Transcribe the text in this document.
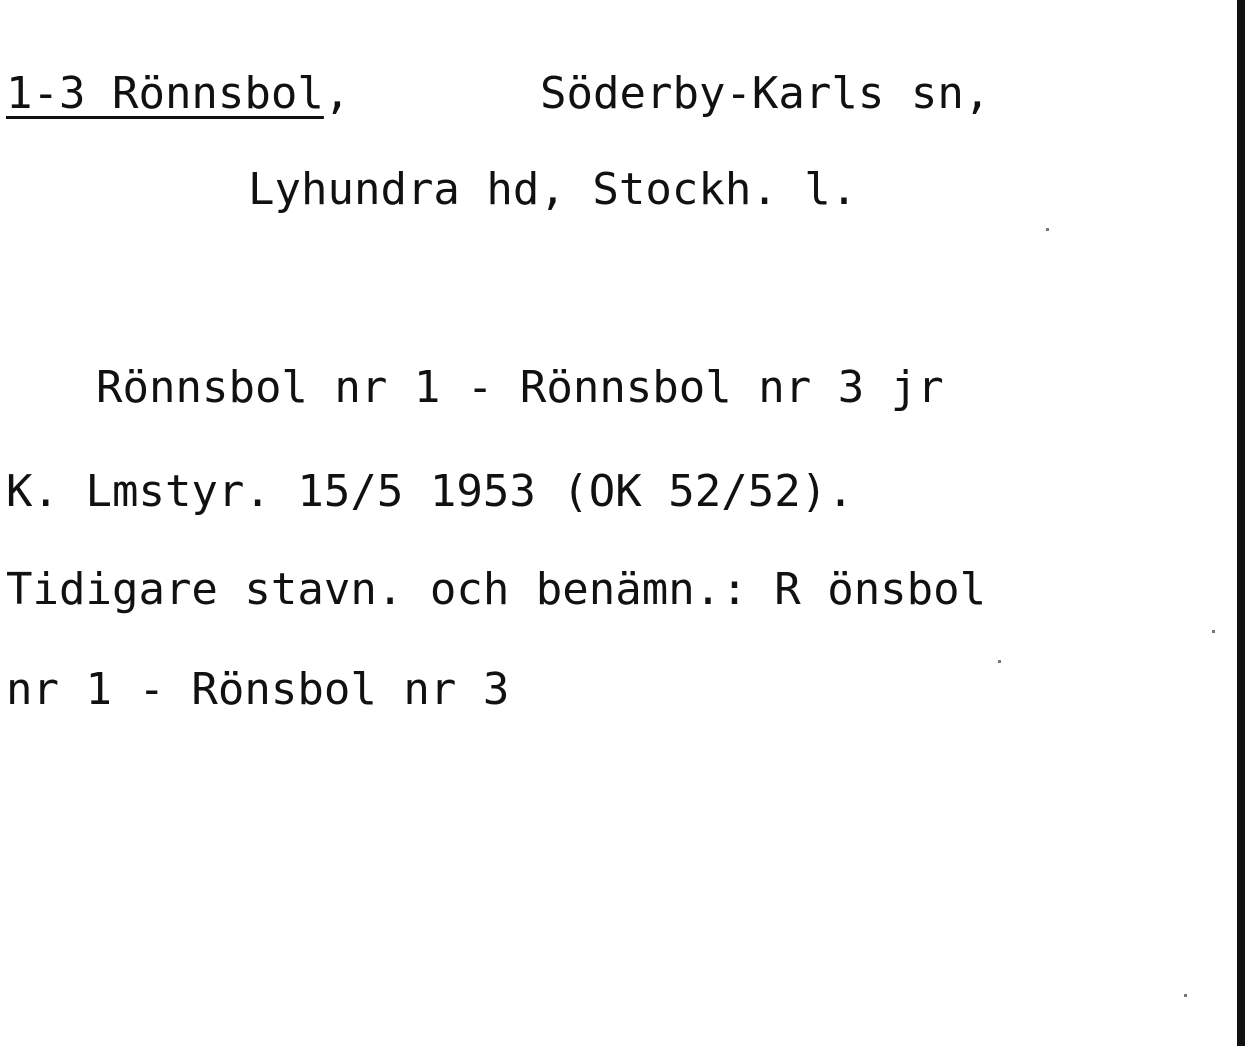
1-3 Rönnsbol,	Söderby-Karls sn,
Lyhundra hd, Stockh. l.
Rönnsbol nr 1 - Rönnsbol nr 3 jr
K. Lmstyr. 15/5 1953 (OK 52/52).
Tidigare stavn. och benämn.: R önsbol
nr 1 - Rönsbol nr 3
